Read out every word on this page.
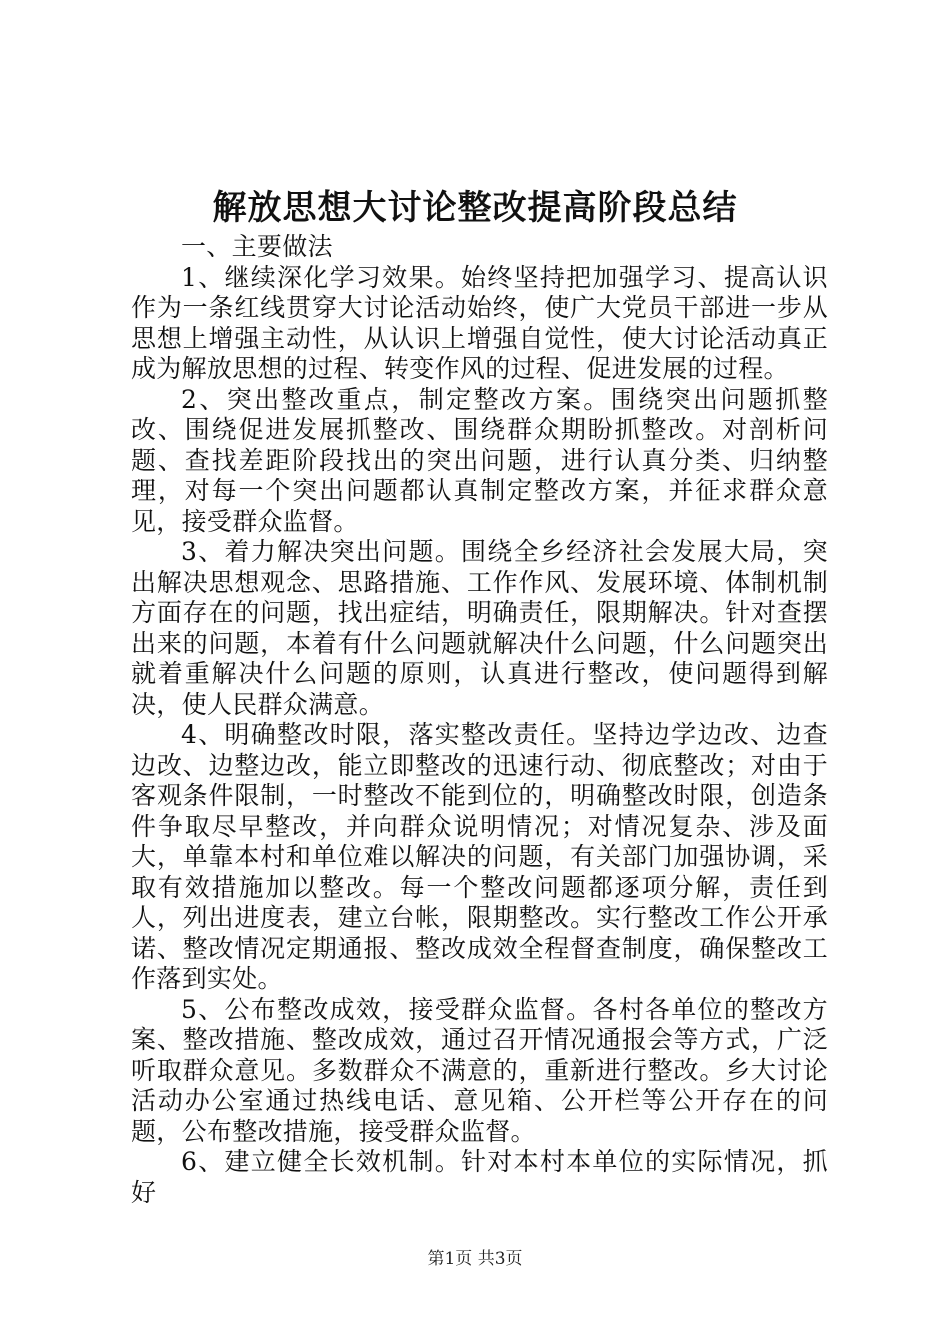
解放思想大讨论整改提高阶段总结

一、主要做法

1、继续深化学习效果。始终坚持把加强学习、提高认识作为一条红线贯穿大讨论活动始终，使广大党员干部进一步从思想上增强主动性，从认识上增强自觉性，使大讨论活动真正成为解放思想的过程、转变作风的过程、促进发展的过程。

2、突出整改重点，制定整改方案。围绕突出问题抓整改、围绕促进发展抓整改、围绕群众期盼抓整改。对剖析问题、查找差距阶段找出的突出问题，进行认真分类、归纳整理，对每一个突出问题都认真制定整改方案，并征求群众意见，接受群众监督。

3、着力解决突出问题。围绕全乡经济社会发展大局，突出解决思想观念、思路措施、工作作风、发展环境、体制机制方面存在的问题，找出症结，明确责任，限期解决。针对查摆出来的问题，本着有什么问题就解决什么问题，什么问题突出就着重解决什么问题的原则，认真进行整改，使问题得到解决，使人民群众满意。

4、明确整改时限，落实整改责任。坚持边学边改、边查边改、边整边改，能立即整改的迅速行动、彻底整改；对由于客观条件限制，一时整改不能到位的，明确整改时限，创造条件争取尽早整改，并向群众说明情况；对情况复杂、涉及面大，单靠本村和单位难以解决的问题，有关部门加强协调，采取有效措施加以整改。每一个整改问题都逐项分解，责任到人，列出进度表，建立台帐，限期整改。实行整改工作公开承诺、整改情况定期通报、整改成效全程督查制度，确保整改工作落到实处。

5、公布整改成效，接受群众监督。各村各单位的整改方案、整改措施、整改成效，通过召开情况通报会等方式，广泛听取群众意见。多数群众不满意的，重新进行整改。乡大讨论活动办公室通过热线电话、意见箱、公开栏等公开存在的问题，公布整改措施，接受群众监督。

6、建立健全长效机制。针对本村本单位的实际情况，抓好

第1页 共3页
